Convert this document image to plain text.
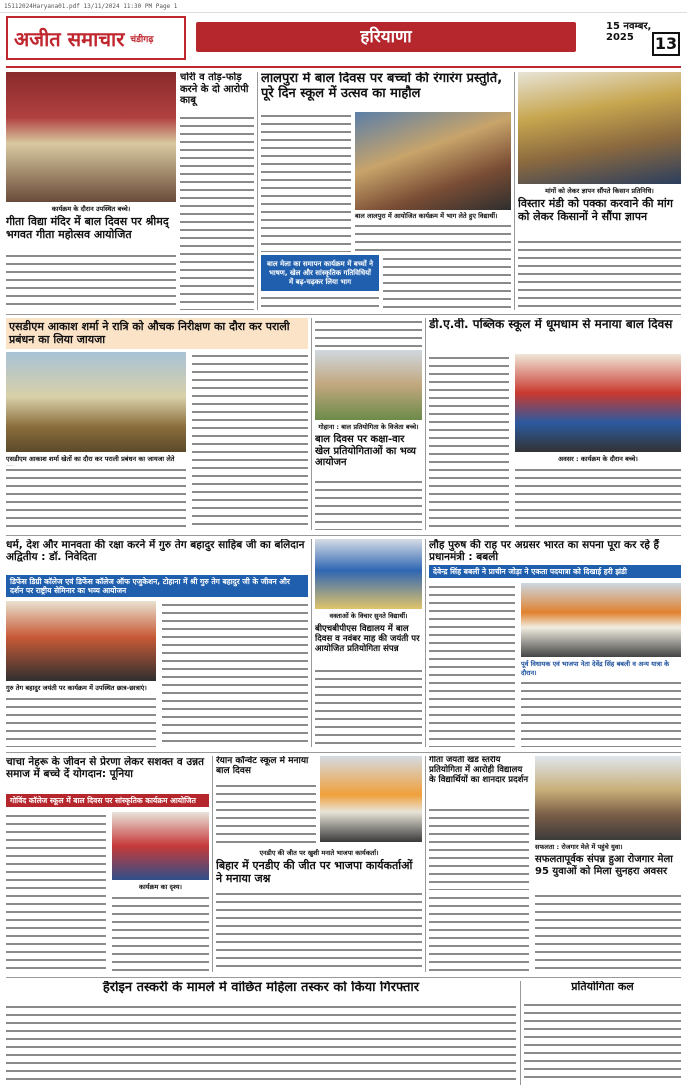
15112024Haryana01.pdf 13/11/2024 11:30 PM Page 1
अजीत समाचार चंडीगढ़	हरियाणा
15 नवम्बर, 2025	13
कार्यक्रम के दौरान उपस्थित बच्चे।
गीता विद्या मंदिर में बाल दिवस पर श्रीमद् भगवत गीता महोत्सव आयोजित
चोरी व तोड़-फोड़ करने के दो आरोपी काबू
लालपुरा में बाल दिवस पर बच्चों की रंगारंग प्रस्तुति, पूरे दिन स्कूल में उत्सव का माहौल
बाल लालपुरा में आयोजित कार्यक्रम में भाग लेते हुए विद्यार्थी।
बाल मेला का समापन कार्यक्रम में बच्चों ने भाषण, खेल और सांस्कृतिक गतिविधियों में बढ़-चढ़कर लिया भाग
मांगों को लेकर ज्ञापन सौंपते किसान प्रतिनिधि।
विस्तार मंडी को पक्का करवाने की मांग को लेकर किसानों ने सौंपा ज्ञापन
एसडीएम आकाश शर्मा ने रात्रि को औचक निरीक्षण का दौरा कर पराली प्रबंधन का लिया जायजा
एसडीएम आकाश शर्मा खेतों का दौरा कर पराली प्रबंधन का जायजा लेते
गोहाना : बाल प्रतियोगिता के विजेता बच्चे।
बाल दिवस पर कक्षा-वार खेल प्रतियोगिताओं का भव्य आयोजन
डी.ए.वी. पब्लिक स्कूल में धूमधाम से मनाया बाल दिवस
अवसर : कार्यक्रम के दौरान बच्चे।
धर्म, देश और मानवता की रक्षा करने में गुरु तेग बहादुर साहिब जी का बलिदान अद्वितीय : डॉ. निवेदिता
डिफेंस डिग्री कॉलेज एवं डिफेंस कॉलेज ऑफ एजुकेशन, टोहाना में श्री गुरु तेग बहादुर जी के जीवन और दर्शन पर राष्ट्रीय सेमिनार का भव्य आयोजन
गुरु तेग बहादुर जयंती पर कार्यक्रम में उपस्थित छात्र-छात्राएं।
वक्ताओं के विचार सुनते विद्यार्थी।
बीएचबीपीएस विद्यालय में बाल दिवस व नवंबर माह की जयंती पर आयोजित प्रतियोगिता संपन्न
लौह पुरुष की राह पर अग्रसर भारत का सपना पूरा कर रहे हैं प्रधानमंत्री : बबली
देवेन्द्र सिंह बबली ने प्राचीन जोड़ा ने एकता पदयात्रा को दिखाई हरी झंडी
पूर्व विधायक एवं भाजपा नेता देवेंद्र सिंह बबली व अन्य यात्रा के दौरान।
चाचा नेहरू के जीवन से प्रेरणा लेकर सशक्त व उन्नत समाज में बच्चे दें योगदान: पूनिया
गोविंद कॉलेज स्कूल में बाल दिवस पर सांस्कृतिक कार्यक्रम आयोजित
कार्यक्रम का दृश्य।
रेयान कॉन्वेंट स्कूल में मनाया बाल दिवस
एनडीए की जीत पर खुशी मनाते भाजपा कार्यकर्ता।
बिहार में एनडीए की जीत पर भाजपा कार्यकर्ताओं ने मनाया जश्न
गीता जयंती खंड स्तरीय प्रतियोगिता में आरोही विद्यालय के विद्यार्थियों का शानदार प्रदर्शन
सफलता : रोजगार मेले में पहुंचे युवा।
सफलतापूर्वक संपन्न हुआ रोजगार मेला 95 युवाओं को मिला सुनहरा अवसर
हैरोइन तस्करी के मामले में वांछित महिला तस्कर को किया गिरफ्तार	प्रतियोगिता कल
